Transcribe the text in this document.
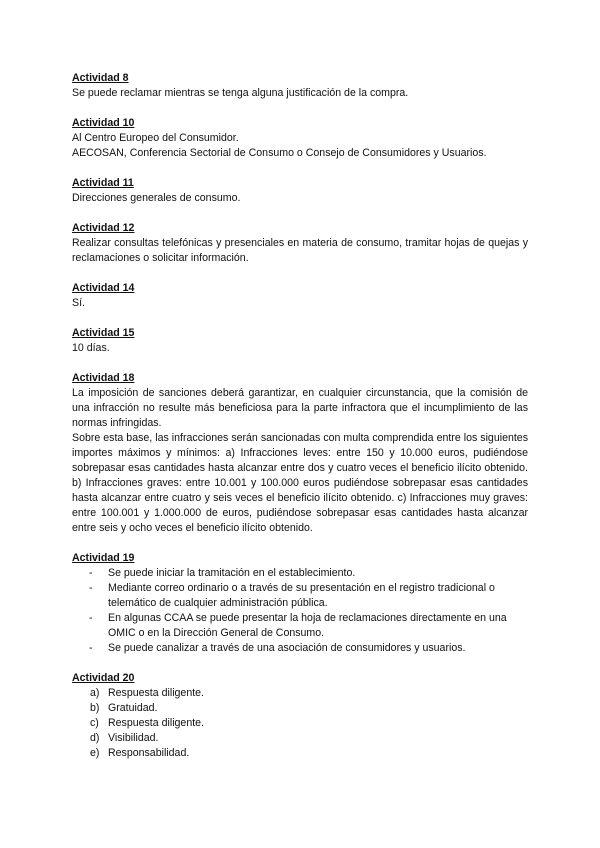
Actividad 8

Se puede reclamar mientras se tenga alguna justificación de la compra.

Actividad 10

Al Centro Europeo del Consumidor.

AECOSAN, Conferencia Sectorial de Consumo o Consejo de Consumidores y Usuarios.

Actividad 11

Direcciones generales de consumo.

Actividad 12

Realizar consultas telefónicas y presenciales en materia de consumo, tramitar hojas de quejas y reclamaciones o solicitar información.

Actividad 14

Sí.

Actividad 15

10 días.

Actividad 18

La imposición de sanciones deberá garantizar, en cualquier circunstancia, que la comisión de una infracción no resulte más beneficiosa para la parte infractora que el incumplimiento de las normas infringidas.

Sobre esta base, las infracciones serán sancionadas con multa comprendida entre los siguientes importes máximos y mínimos: a) Infracciones leves: entre 150 y 10.000 euros, pudiéndose sobrepasar esas cantidades hasta alcanzar entre dos y cuatro veces el beneficio ilícito obtenido. b) Infracciones graves: entre 10.001 y 100.000 euros pudiéndose sobrepasar esas cantidades hasta alcanzar entre cuatro y seis veces el beneficio ilícito obtenido. c) Infracciones muy graves: entre 100.001 y 1.000.000 de euros, pudiéndose sobrepasar esas cantidades hasta alcanzar entre seis y ocho veces el beneficio ilícito obtenido.

Actividad 19

- Se puede iniciar la tramitación en el establecimiento.
- Mediante correo ordinario o a través de su presentación en el registro tradicional o telemático de cualquier administración pública.
- En algunas CCAA se puede presentar la hoja de reclamaciones directamente en una OMIC o en la Dirección General de Consumo.
- Se puede canalizar a través de una asociación de consumidores y usuarios.

Actividad 20

a) Respuesta diligente.
b) Gratuidad.
c) Respuesta diligente.
d) Visibilidad.
e) Responsabilidad.
